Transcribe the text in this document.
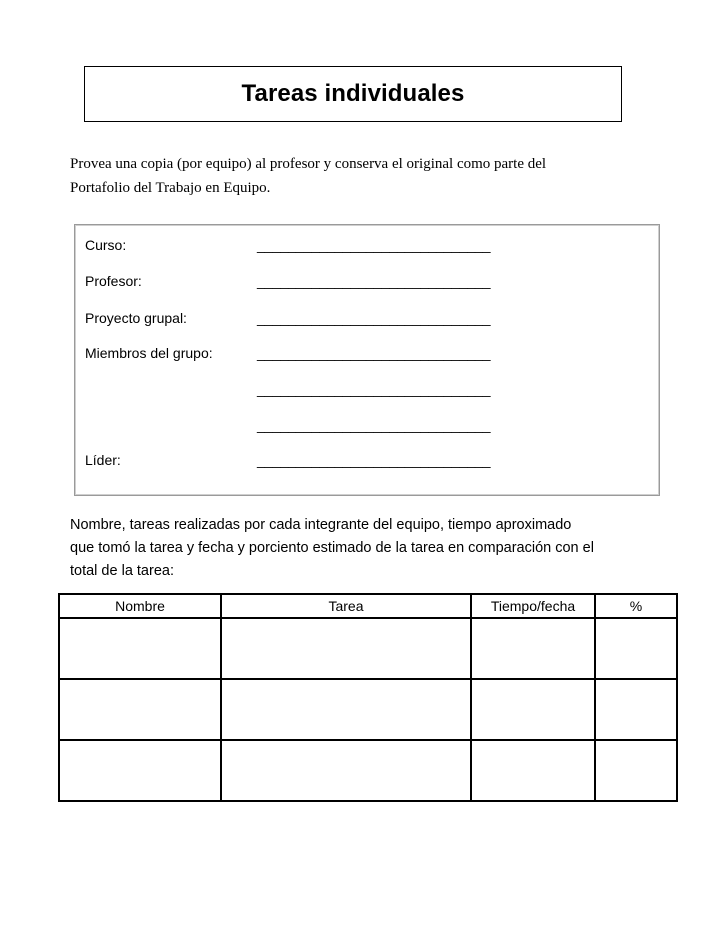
Tareas individuales
Provea una copia (por equipo) al profesor y conserva el original como parte del
Portafolio del Trabajo en Equipo.
Curso:	______________________________
Profesor:	______________________________
Proyecto grupal:	______________________________
Miembros del grupo:	______________________________
______________________________
______________________________
Líder:	______________________________
Nombre, tareas realizadas por cada integrante del equipo, tiempo aproximado
que tomó la tarea y fecha y porciento estimado de la tarea en comparación con el
total de la tarea:
Nombre	Tarea	Tiempo/fecha	%
